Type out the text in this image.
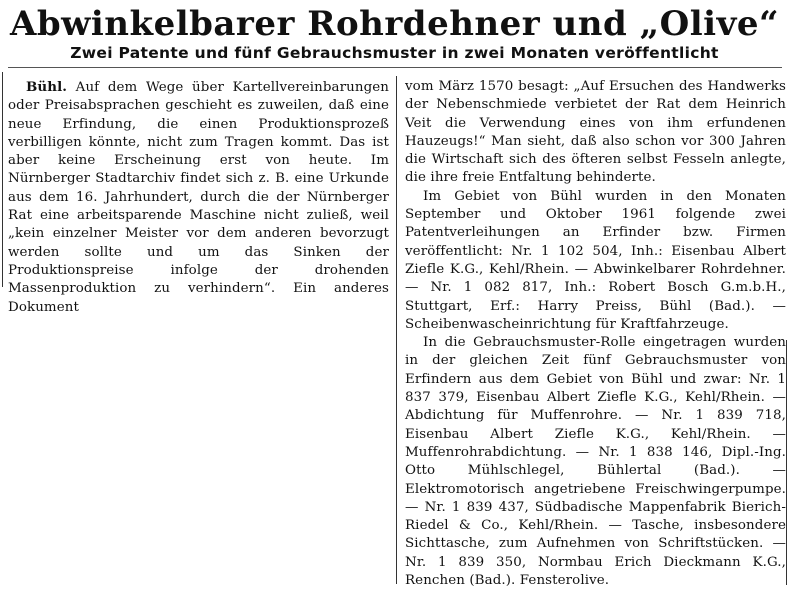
Abwinkelbarer Rohrdehner und „Olive“
Zwei Patente und fünf Gebrauchsmuster in zwei Monaten veröffentlicht

Bühl. Auf dem Wege über Kartellvereinbarungen oder Preisabsprachen geschieht es zuweilen, daß eine neue Erfindung, die einen Produktionsprozeß verbilligen könnte, nicht zum Tragen kommt. Das ist aber keine Erscheinung erst von heute. Im Nürnberger Stadtarchiv findet sich z. B. eine Urkunde aus dem 16. Jahrhundert, durch die der Nürnberger Rat eine arbeitsparende Maschine nicht zuließ, weil „kein einzelner Meister vor dem anderen bevorzugt werden sollte und um das Sinken der Produktionspreise infolge der drohenden Massenproduktion zu verhindern“. Ein anderes Dokument

vom März 1570 besagt: „Auf Ersuchen des Handwerks der Nebenschmiede verbietet der Rat dem Heinrich Veit die Verwendung eines von ihm erfundenen Hauzeugs!“ Man sieht, daß also schon vor 300 Jahren die Wirtschaft sich des öfteren selbst Fesseln anlegte, die ihre freie Entfaltung behinderte.

Im Gebiet von Bühl wurden in den Monaten September und Oktober 1961 folgende zwei Patentverleihungen an Erfinder bzw. Firmen veröffentlicht: Nr. 1 102 504, Inh.: Eisenbau Albert Ziefle K.G., Kehl/Rhein. — Abwinkelbarer Rohrdehner. — Nr. 1 082 817, Inh.: Robert Bosch G.m.b.H., Stuttgart, Erf.: Harry Preiss, Bühl (Bad.). — Scheibenwascheinrichtung für Kraftfahrzeuge.

In die Gebrauchsmuster-Rolle eingetragen wurden in der gleichen Zeit fünf Gebrauchsmuster von Erfindern aus dem Gebiet von Bühl und zwar: Nr. 1 837 379, Eisenbau Albert Ziefle K.G., Kehl/Rhein. — Abdichtung für Muffenrohre. — Nr. 1 839 718, Eisenbau Albert Ziefle K.G., Kehl/Rhein. — Muffenrohrabdichtung. — Nr. 1 838 146, Dipl.-Ing. Otto Mühlschlegel, Bühlertal (Bad.). — Elektromotorisch angetriebene Freischwingerpumpe. — Nr. 1 839 437, Südbadische Mappenfabrik Bierich-Riedel & Co., Kehl/Rhein. — Tasche, insbesondere Sichttasche, zum Aufnehmen von Schriftstücken. — Nr. 1 839 350, Normbau Erich Dieckmann K.G., Renchen (Bad.). Fensterolive.
